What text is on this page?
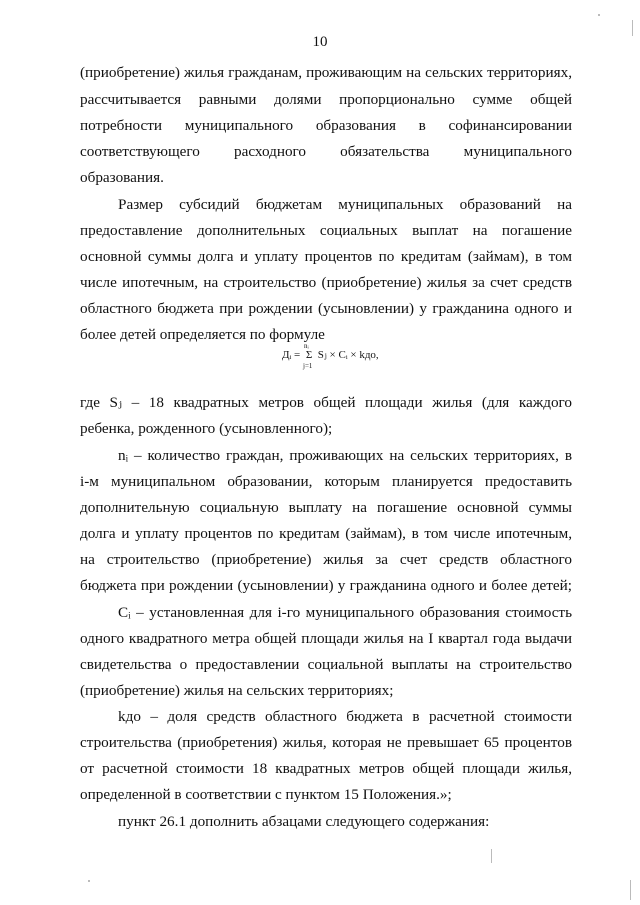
10
(приобретение) жилья гражданам, проживающим на сельских территориях,
рассчитывается равными долями пропорционально сумме общей
потребности муниципального образования в софинансировании
соответствующего расходного обязательства муниципального
образования.
Размер субсидий бюджетам муниципальных образований на
предоставление дополнительных социальных выплат на погашение
основной суммы долга и уплату процентов по кредитам (займам), в том
числе ипотечным, на строительство (приобретение) жилья за счет средств
областного бюджета при рождении (усыновлении) у гражданина одного и
более детей определяется по формуле
где Sⱼ – 18 квадратных метров общей площади жилья (для каждого
ребенка, рожденного (усыновленного);
nᵢ – количество граждан, проживающих на сельских территориях, в
i-м муниципальном образовании, которым планируется предоставить
дополнительную социальную выплату на погашение основной суммы
долга и уплату процентов по кредитам (займам), в том числе ипотечным,
на строительство (приобретение) жилья за счет средств областного
бюджета при рождении (усыновлении) у гражданина одного и более детей;
Cᵢ – установленная для i-го муниципального образования стоимость
одного квадратного метра общей площади жилья на I квартал года выдачи
свидетельства о предоставлении социальной выплаты на строительство
(приобретение) жилья на сельских территориях;
kдо – доля средств областного бюджета в расчетной стоимости
строительства (приобретения) жилья, которая не превышает 65 процентов
от расчетной стоимости 18 квадратных метров общей площади жилья,
определенной в соответствии с пунктом 15 Положения.»;
пункт 26.1 дополнить абзацами следующего содержания:
Дᵢ =
nᵢ
Σ
j=1
Sⱼ × Cᵢ × kдо,
